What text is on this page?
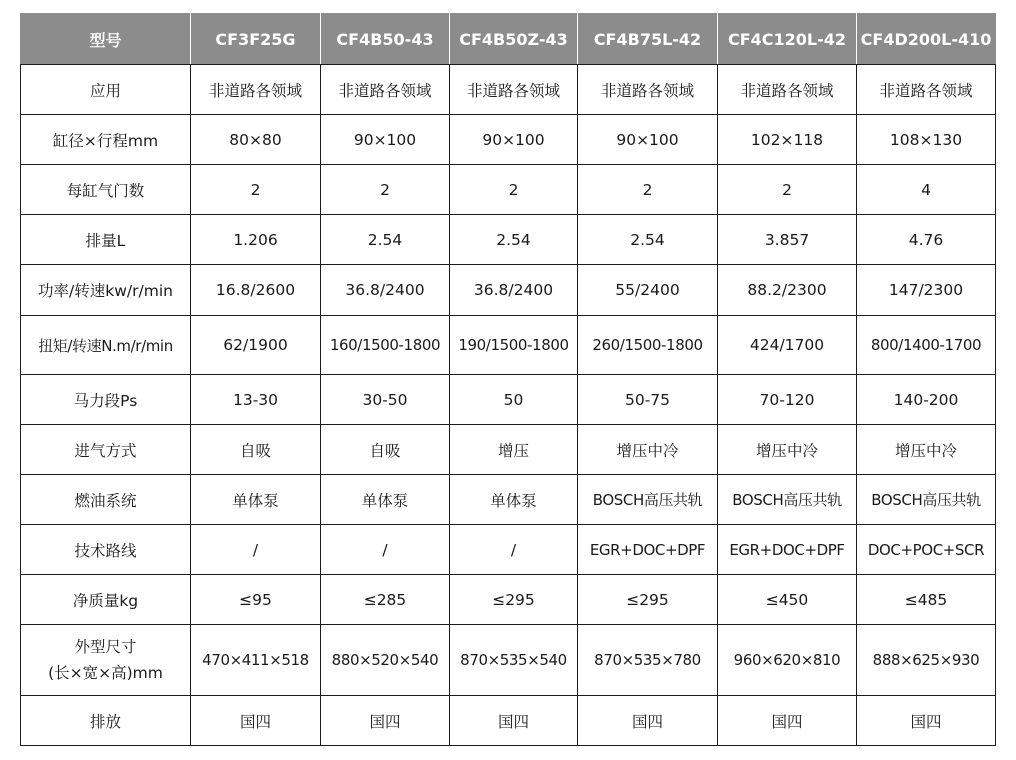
型号	CF3F25G	CF4B50-43	CF4B50Z-43	CF4B75L-42	CF4C120L-42	CF4D200L-410
应用	非道路各领域	非道路各领域	非道路各领域	非道路各领域	非道路各领域	非道路各领域
缸径×行程mm	80×80	90×100	90×100	90×100	102×118	108×130
每缸气门数	2	2	2	2	2	4
排量L	1.206	2.54	2.54	2.54	3.857	4.76
功率/转速kw/r/min	16.8/2600	36.8/2400	36.8/2400	55/2400	88.2/2300	147/2300
扭矩/转速N.m/r/min	62/1900	160/1500-1800	190/1500-1800	260/1500-1800	424/1700	800/1400-1700
马力段Ps	13-30	30-50	50	50-75	70-120	140-200
进气方式	自吸	自吸	增压	增压中冷	增压中冷	增压中冷
燃油系统	单体泵	单体泵	单体泵	BOSCH高压共轨	BOSCH高压共轨	BOSCH高压共轨
技术路线	/	/	/	EGR+DOC+DPF	EGR+DOC+DPF	DOC+POC+SCR
净质量kg	≤95	≤285	≤295	≤295	≤450	≤485

外型尺寸
(长×宽×高)mm	470×411×518	880×520×540	870×535×540	870×535×780	960×620×810	888×625×930
排放	国四	国四	国四	国四	国四	国四
